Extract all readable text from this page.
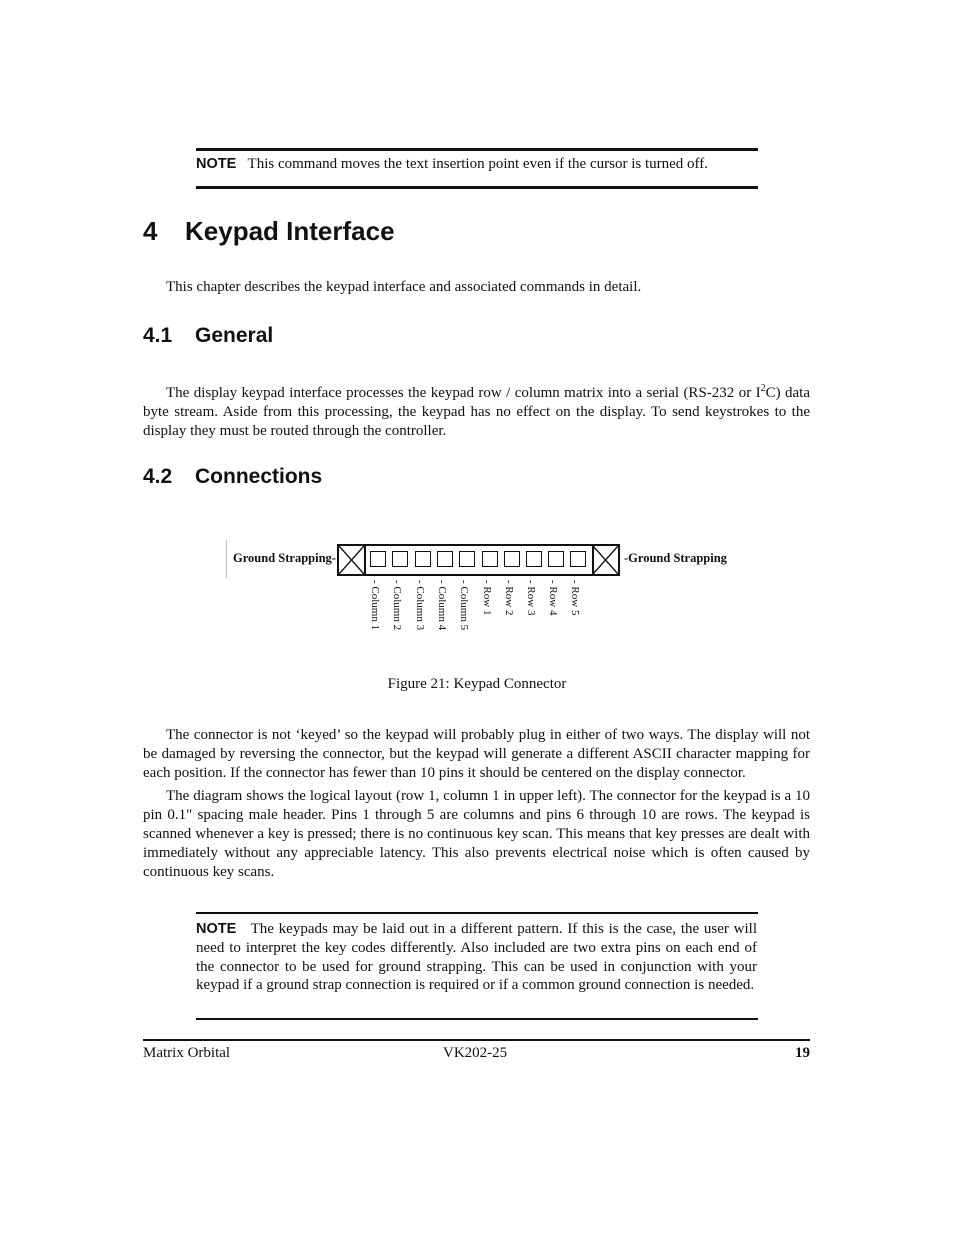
NOTE This command moves the text insertion point even if the cursor is turned off.
4 Keypad Interface

This chapter describes the keypad interface and associated commands in detail.

4.1 General

The display keypad interface processes the keypad row / column matrix into a serial (RS-232 or $I^2C$) data byte stream. Aside from this processing, the keypad has no effect on the display. To send keystrokes to the display they must be routed through the controller.

4.2 Connections
Ground Strapping-	-Ground Strapping
- Column 1 - Column 2 - Column 3 - Column 4 - Column 5 - Row 1 - Row 2 - Row 3 - Row 4 - Row 5
Figure 21: Keypad Connector

The connector is not ‘keyed’ so the keypad will probably plug in either of two ways. The display will not be damaged by reversing the connector, but the keypad will generate a different ASCII character mapping for each position. If the connector has fewer than 10 pins it should be centered on the display connector.

The diagram shows the logical layout (row 1, column 1 in upper left). The connector for the keypad is a 10 pin 0.1" spacing male header. Pins 1 through 5 are columns and pins 6 through 10 are rows. The keypad is scanned whenever a key is pressed; there is no continuous key scan. This means that key presses are dealt with immediately without any appreciable latency. This also prevents electrical noise which is often caused by continuous key scans.

NOTE The keypads may be laid out in a different pattern. If this is the case, the user will need to interpret the key codes differently. Also included are two extra pins on each end of the connector to be used for ground strapping. This can be used in conjunction with your keypad if a ground strap connection is required or if a common ground connection is needed.
Matrix Orbital	VK202-25	19
